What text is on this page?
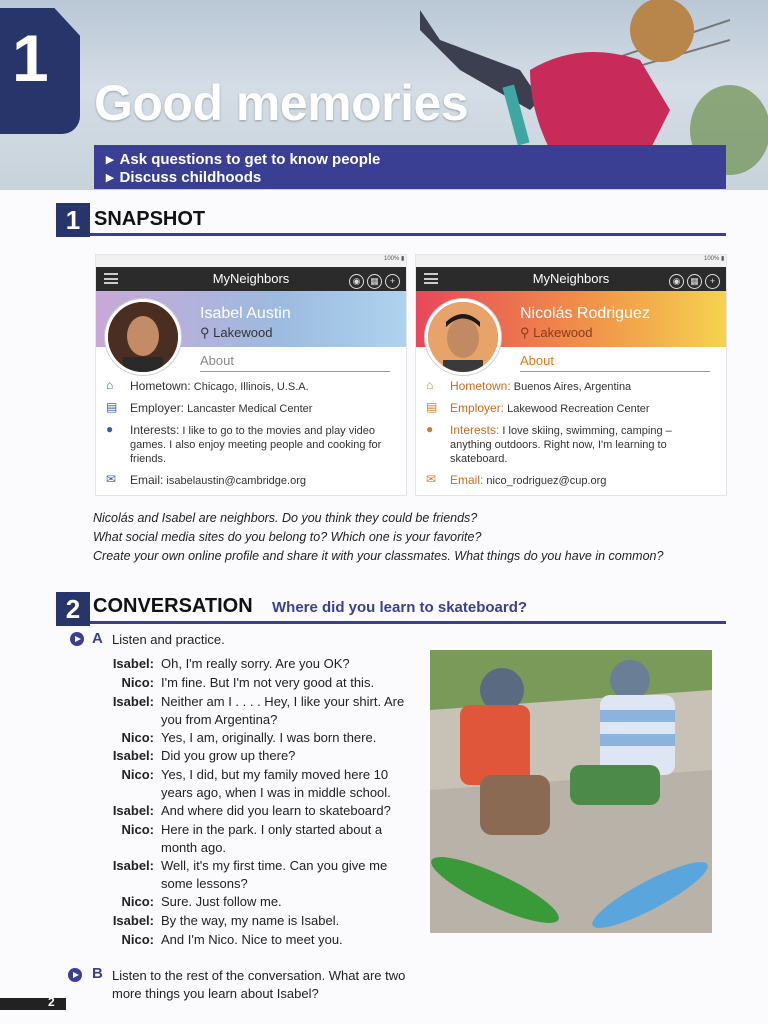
1
Good memories
▸ Ask questions to get to know people
▸ Discuss childhoods
1 SNAPSHOT
100% ▮
MyNeighbors	◉ ▦ +
Isabel Austin
⚲ Lakewood
About
⌂	Hometown: Chicago, Illinois, U.S.A.
▤	Employer: Lancaster Medical Center
●	Interests: I like to go to the movies and play video games. I also enjoy meeting people and cooking for friends.
✉	Email: isabelaustin@cambridge.org
100% ▮
MyNeighbors	◉ ▦ +
Nicolás Rodriguez
⚲ Lakewood
About
⌂	Hometown: Buenos Aires, Argentina
▤	Employer: Lakewood Recreation Center
●	Interests: I love skiing, swimming, camping – anything outdoors. Right now, I'm learning to skateboard.
✉	Email: nico_rodriguez@cup.org
Nicolás and Isabel are neighbors. Do you think they could be friends?
What social media sites do you belong to? Which one is your favorite?
Create your own online profile and share it with your classmates. What things do you have in common?
2 CONVERSATION Where did you learn to skateboard?
A Listen and practice.
Isabel: Oh, I'm really sorry. Are you OK?
Nico: I'm fine. But I'm not very good at this.
Isabel: Neither am I . . . . Hey, I like your shirt. Are you from Argentina?
Nico: Yes, I am, originally. I was born there.
Isabel: Did you grow up there?
Nico: Yes, I did, but my family moved here 10 years ago, when I was in middle school.
Isabel: And where did you learn to skateboard?
Nico: Here in the park. I only started about a month ago.
Isabel: Well, it's my first time. Can you give me some lessons?
Nico: Sure. Just follow me.
Isabel: By the way, my name is Isabel.
Nico: And I'm Nico. Nice to meet you.
B Listen to the rest of the conversation. What are two more things you learn about Isabel?
2
